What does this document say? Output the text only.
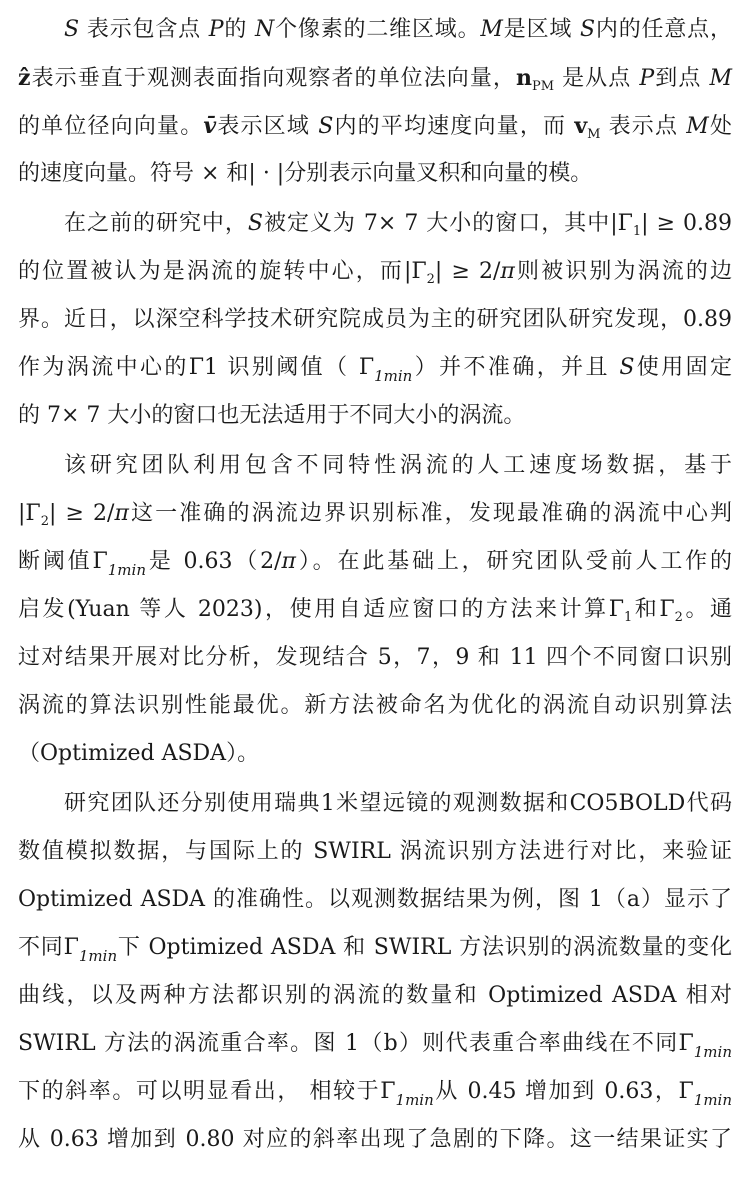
S 表示包含点 P的 N个像素的二维区域。M是区域 S内的任意点，
ẑ表示垂直于观测表面指向观察者的单位法向量，$n_{PM}$ 是从点 P到点 M
的单位径向向量。v̄表示区域 S内的平均速度向量，而 $v_M$ 表示点 M处
的速度向量。符号 × 和| · |分别表示向量叉积和向量的模。
在之前的研究中，S被定义为 7× 7 大小的窗口，其中$|\Gamma_1| \ge 0.89$
的位置被认为是涡流的旋转中心，而$|\Gamma_2| \ge 2/\pi$则被识别为涡流的边
界。近日，以深空科学技术研究院成员为主的研究团队研究发现，0.89
作为涡流中心的Γ1 识别阈值（ $\Gamma_{1min}$）并不准确，并且 S使用固定
的 7× 7 大小的窗口也无法适用于不同大小的涡流。
该研究团队利用包含不同特性涡流的人工速度场数据，基于
$|\Gamma_2| \ge 2/\pi$这一准确的涡流边界识别标准，发现最准确的涡流中心判
断阈值$\Gamma_{1min}$是 0.63（2/π）。在此基础上，研究团队受前人工作的
启发(Yuan 等人 2023)，使用自适应窗口的方法来计算$\Gamma_1$和$\Gamma_2$。通
过对结果开展对比分析，发现结合 5，7，9 和 11 四个不同窗口识别
涡流的算法识别性能最优。新方法被命名为优化的涡流自动识别算法
（Optimized ASDA）。
研究团队还分别使用瑞典1米望远镜的观测数据和CO5BOLD代码
数值模拟数据，与国际上的 SWIRL 涡流识别方法进行对比，来验证
Optimized ASDA 的准确性。以观测数据结果为例，图 1（a）显示了
不同$\Gamma_{1min}$下 Optimized ASDA 和 SWIRL 方法识别的涡流数量的变化
曲线，以及两种方法都识别的涡流的数量和 Optimized ASDA 相对
SWIRL 方法的涡流重合率。图 1（b）则代表重合率曲线在不同$\Gamma_{1min}$
下的斜率。可以明显看出， 相较于$\Gamma_{1min}$从 0.45 增加到 0.63，$\Gamma_{1min}$
从 0.63 增加到 0.80 对应的斜率出现了急剧的下降。这一结果证实了
